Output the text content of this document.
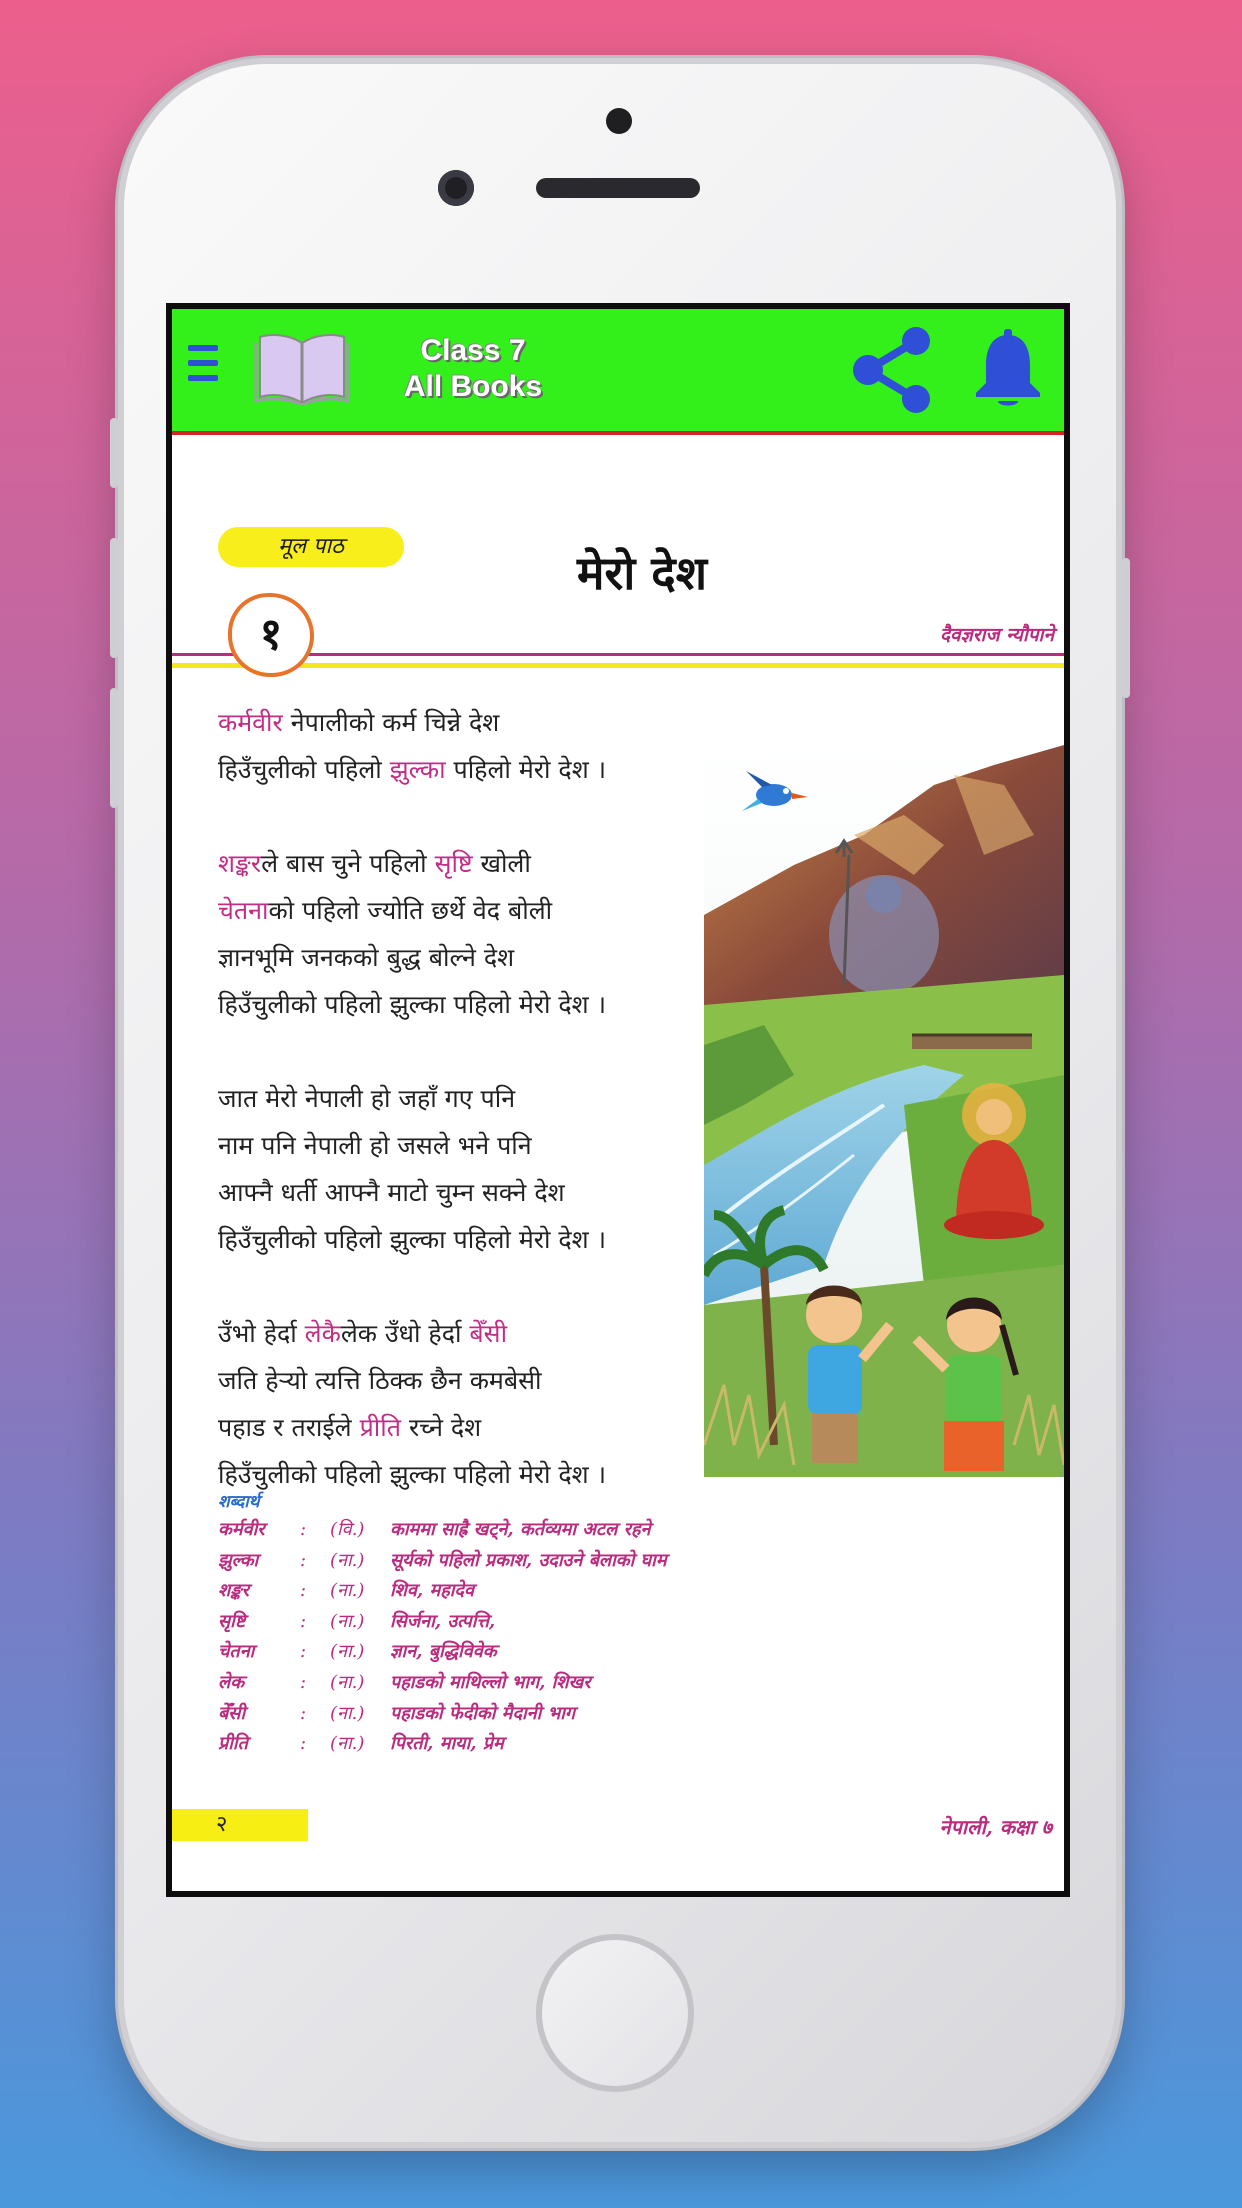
Class 7
All Books
मूल पाठ	मेरो देश
१	दैवज्ञराज न्यौपाने
कर्मवीर नेपालीको कर्म चिन्ने देश
हिउँचुलीको पहिलो झुल्का पहिलो मेरो देश ।
शङ्करले बास चुने पहिलो सृष्टि खोली
चेतनाको पहिलो ज्योति छर्थे वेद बोली
ज्ञानभूमि जनकको बुद्ध बोल्ने देश
हिउँचुलीको पहिलो झुल्का पहिलो मेरो देश ।
जात मेरो नेपाली हो जहाँ गए पनि
नाम पनि नेपाली हो जसले भने पनि
आफ्नै धर्ती आफ्नै माटो चुम्न सक्ने देश
हिउँचुलीको पहिलो झुल्का पहिलो मेरो देश ।
उँभो हेर्दा लेकैलेक उँधो हेर्दा बेँसी
जति हेऱ्यो त्यत्ति ठिक्क छैन कमबेसी
पहाड र तराईले प्रीति रच्ने देश
हिउँचुलीको पहिलो झुल्का पहिलो मेरो देश ।
शब्दार्थ
कर्मवीर : (वि.) काममा साह्रै खट्ने, कर्तव्यमा अटल रहने
झुल्का : (ना.) सूर्यको पहिलो प्रकाश, उदाउने बेलाको घाम
शङ्कर	: (ना.) शिव, महादेव
सृष्टि	: (ना.) सिर्जना, उत्पत्ति,
चेतना	: (ना.) ज्ञान, बुद्धिविवेक
लेक	: (ना.) पहाडको माथिल्लो भाग, शिखर
बेँसी	: (ना.) पहाडको फेदीको मैदानी भाग
प्रीति	: (ना.) पिरती, माया, प्रेम
२	नेपाली, कक्षा ७
